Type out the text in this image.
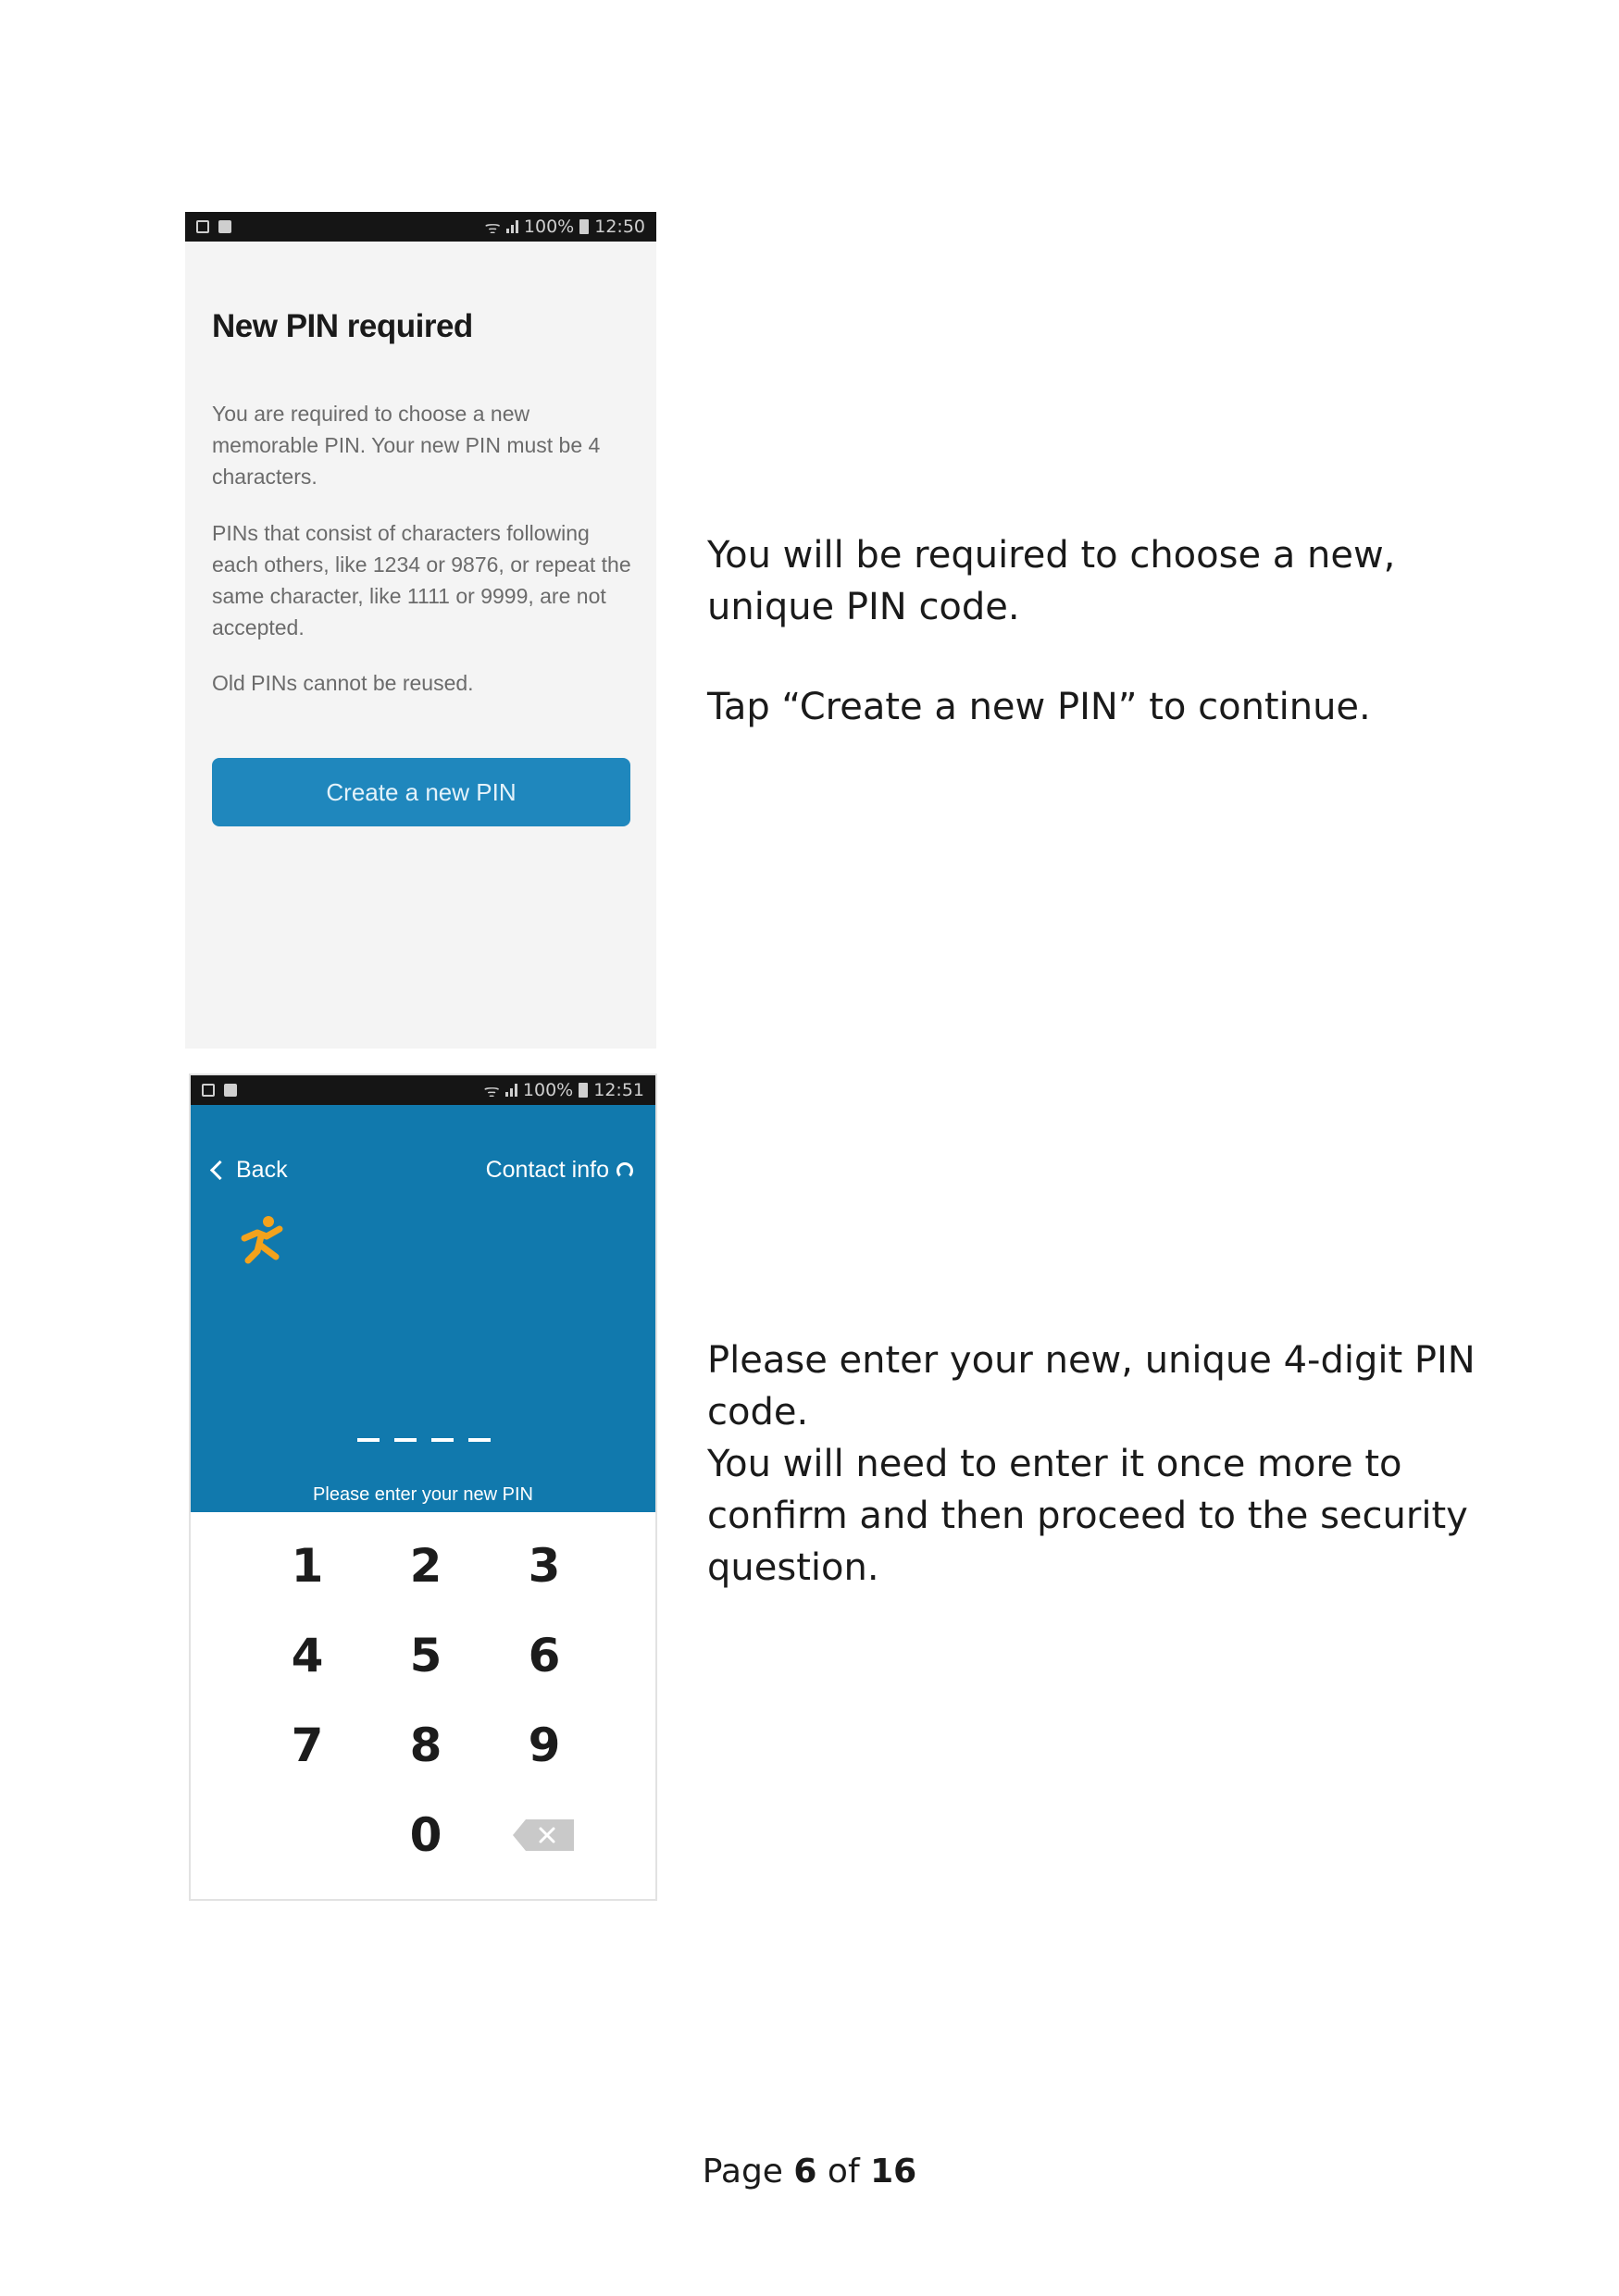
ᯤ 100% 12:50
New PIN required

You are required to choose a new memorable PIN. Your new PIN must be 4 characters.

PINs that consist of characters following each others, like 1234 or 9876, or repeat the same character, like 1111 or 9999, are not accepted.

Old PINs cannot be reused.

Create a new PIN
ᯤ 100% 12:51
Back	Contact info
Please enter your new PIN
1	2	3
4	5	6
7	8	9
0
You will be required to choose a new, unique PIN code.
Tap “Create a new PIN” to continue.
Please enter your new, unique 4-digit PIN code.
You will need to enter it once more to confirm and then proceed to the security question.
Page 6 of 16
